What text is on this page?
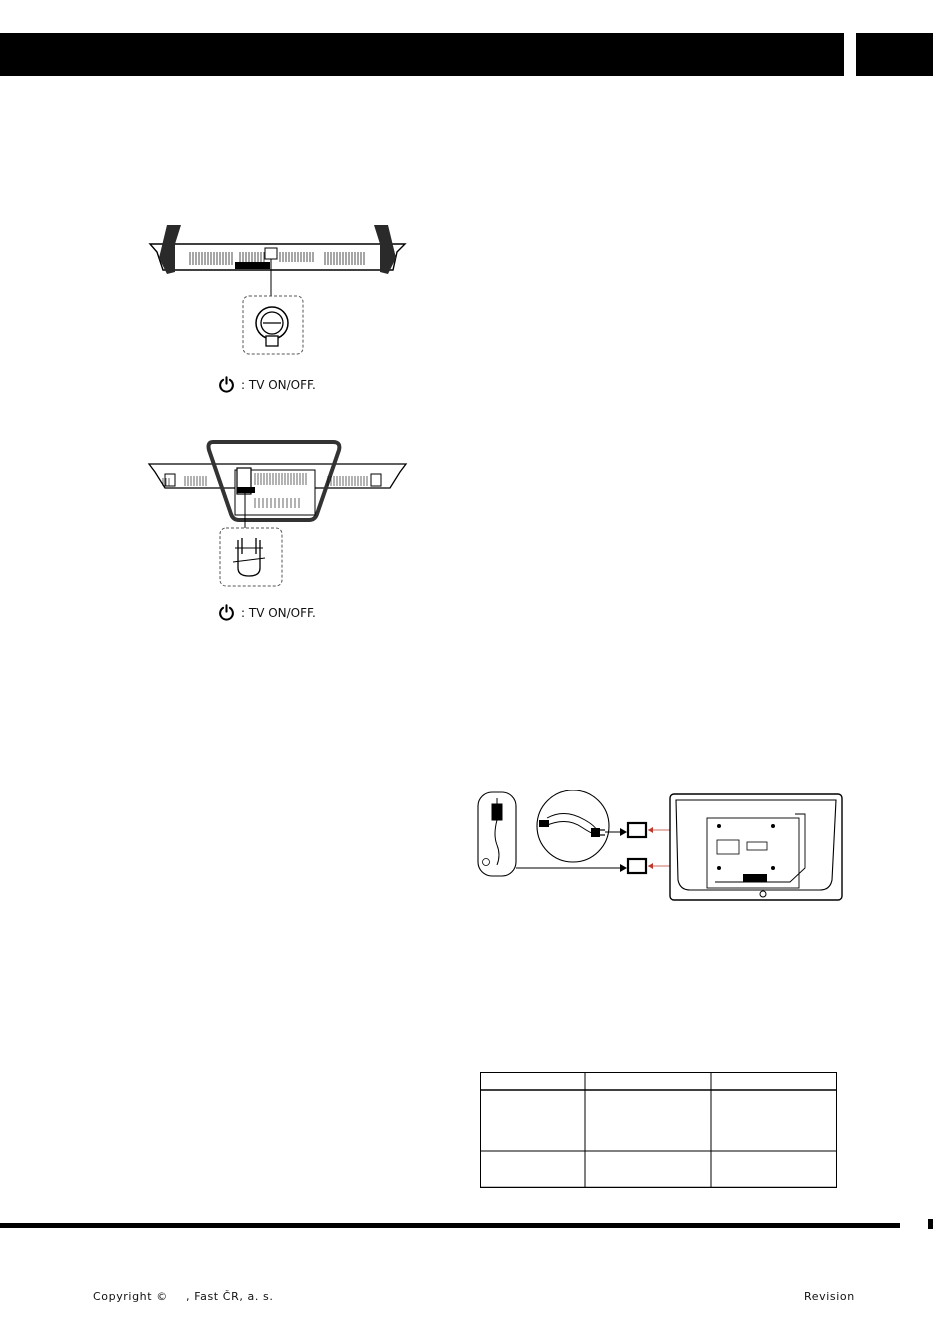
: TV ON/OFF.
: TV ON/OFF.
Copyright © , Fast ČR, a. s.	Revision
